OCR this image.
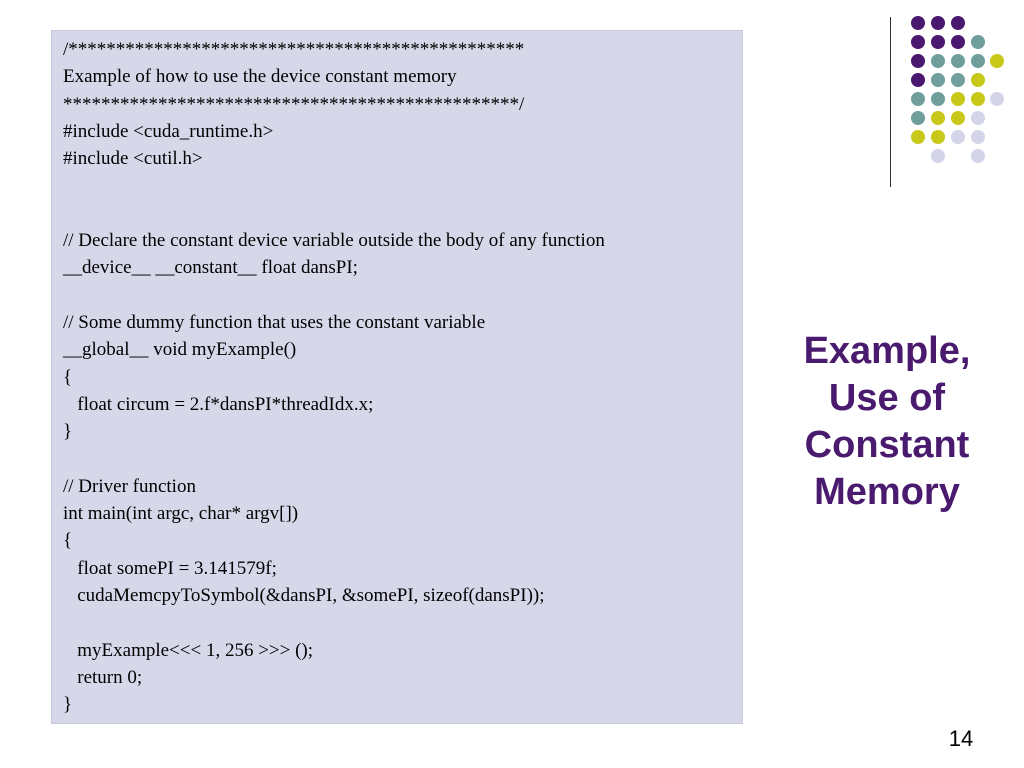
/************************************************
Example of how to use the device constant memory
************************************************/
#include <cuda_runtime.h>
#include <cutil.h>
// Declare the constant device variable outside the body of any function
__device__ __constant__ float dansPI;
// Some dummy function that uses the constant variable
__global__ void myExample()
{
float circum = 2.f*dansPI*threadIdx.x;
}
// Driver function
int main(int argc, char* argv[])
{
float somePI = 3.141579f;
cudaMemcpyToSymbol(&dansPI, &somePI, sizeof(dansPI));
myExample<<< 1, 256 >>> ();
return 0;
}
Example,
Use of
Constant
Memory
14
